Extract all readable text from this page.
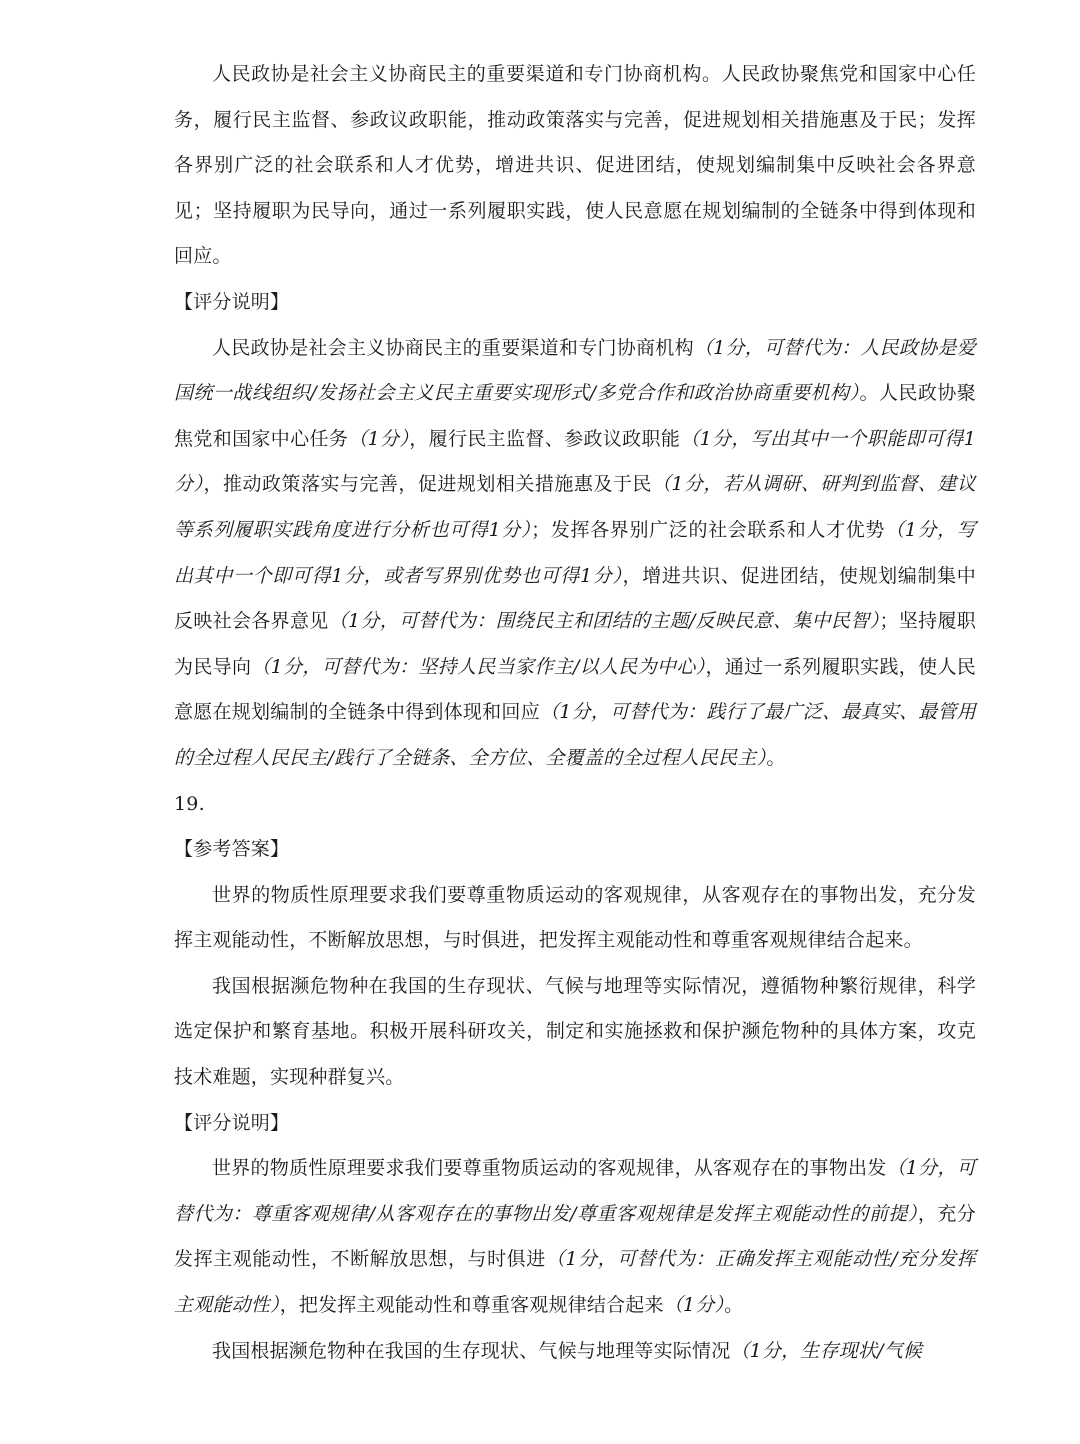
人民政协是社会主义协商民主的重要渠道和专门协商机构。人民政协聚焦党和国家中心任务，履行民主监督、参政议政职能，推动政策落实与完善，促进规划相关措施惠及于民；发挥各界别广泛的社会联系和人才优势，增进共识、促进团结，使规划编制集中反映社会各界意见；坚持履职为民导向，通过一系列履职实践，使人民意愿在规划编制的全链条中得到体现和回应。

【评分说明】

人民政协是社会主义协商民主的重要渠道和专门协商机构（1分，可替代为：人民政协是爱国统一战线组织/发扬社会主义民主重要实现形式/多党合作和政治协商重要机构）。人民政协聚焦党和国家中心任务（1分），履行民主监督、参政议政职能（1分，写出其中一个职能即可得1分），推动政策落实与完善，促进规划相关措施惠及于民（1分，若从调研、研判到监督、建议等系列履职实践角度进行分析也可得1分）；发挥各界别广泛的社会联系和人才优势（1分，写出其中一个即可得1分，或者写界别优势也可得1分），增进共识、促进团结，使规划编制集中反映社会各界意见（1分，可替代为：围绕民主和团结的主题/反映民意、集中民智）；坚持履职为民导向（1分，可替代为：坚持人民当家作主/以人民为中心），通过一系列履职实践，使人民意愿在规划编制的全链条中得到体现和回应（1分，可替代为：践行了最广泛、最真实、最管用的全过程人民民主/践行了全链条、全方位、全覆盖的全过程人民民主）。

19.

【参考答案】

世界的物质性原理要求我们要尊重物质运动的客观规律，从客观存在的事物出发，充分发挥主观能动性，不断解放思想，与时俱进，把发挥主观能动性和尊重客观规律结合起来。

我国根据濒危物种在我国的生存现状、气候与地理等实际情况，遵循物种繁衍规律，科学选定保护和繁育基地。积极开展科研攻关，制定和实施拯救和保护濒危物种的具体方案，攻克技术难题，实现种群复兴。

【评分说明】

世界的物质性原理要求我们要尊重物质运动的客观规律，从客观存在的事物出发（1分，可替代为：尊重客观规律/从客观存在的事物出发/尊重客观规律是发挥主观能动性的前提），充分发挥主观能动性，不断解放思想，与时俱进（1分，可替代为：正确发挥主观能动性/充分发挥主观能动性），把发挥主观能动性和尊重客观规律结合起来（1分）。

我国根据濒危物种在我国的生存现状、气候与地理等实际情况（1分，生存现状/气候
